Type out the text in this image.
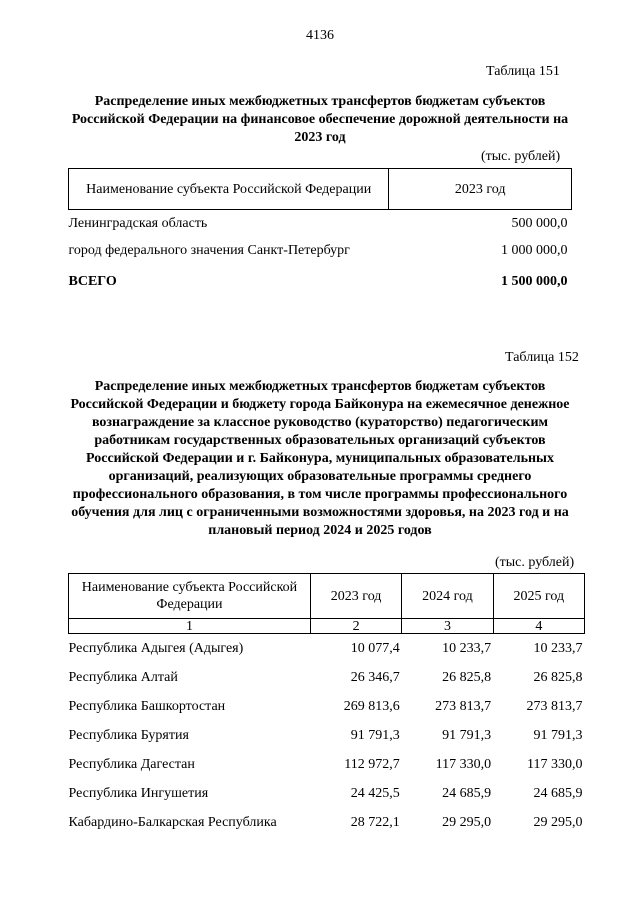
4136
Таблица 151
Распределение иных межбюджетных трансфертов бюджетам субъектов Российской Федерации на финансовое обеспечение дорожной деятельности на 2023 год
(тыс. рублей)
Наименование субъекта Российской Федерации	2023 год
Ленинградская область	500 000,0
город федерального значения Санкт-Петербург	1 000 000,0
ВСЕГО	1 500 000,0
Таблица 152
Распределение иных межбюджетных трансфертов бюджетам субъектов Российской Федерации и бюджету города Байконура на ежемесячное денежное вознаграждение за классное руководство (кураторство) педагогическим работникам государственных образовательных организаций субъектов Российской Федерации и г. Байконура, муниципальных образовательных организаций, реализующих образовательные программы среднего профессионального образования, в том числе программы профессионального обучения для лиц с ограниченными возможностями здоровья, на 2023 год и на плановый период 2024 и 2025 годов
(тыс. рублей)
Наименование субъекта Российской Федерации	2023 год	2024 год	2025 год
1	2	3	4
Республика Адыгея (Адыгея)	10 077,4	10 233,7	10 233,7
Республика Алтай	26 346,7	26 825,8	26 825,8
Республика Башкортостан	269 813,6	273 813,7	273 813,7
Республика Бурятия	91 791,3	91 791,3	91 791,3
Республика Дагестан	112 972,7	117 330,0	117 330,0
Республика Ингушетия	24 425,5	24 685,9	24 685,9
Кабардино-Балкарская Республика	28 722,1	29 295,0	29 295,0
